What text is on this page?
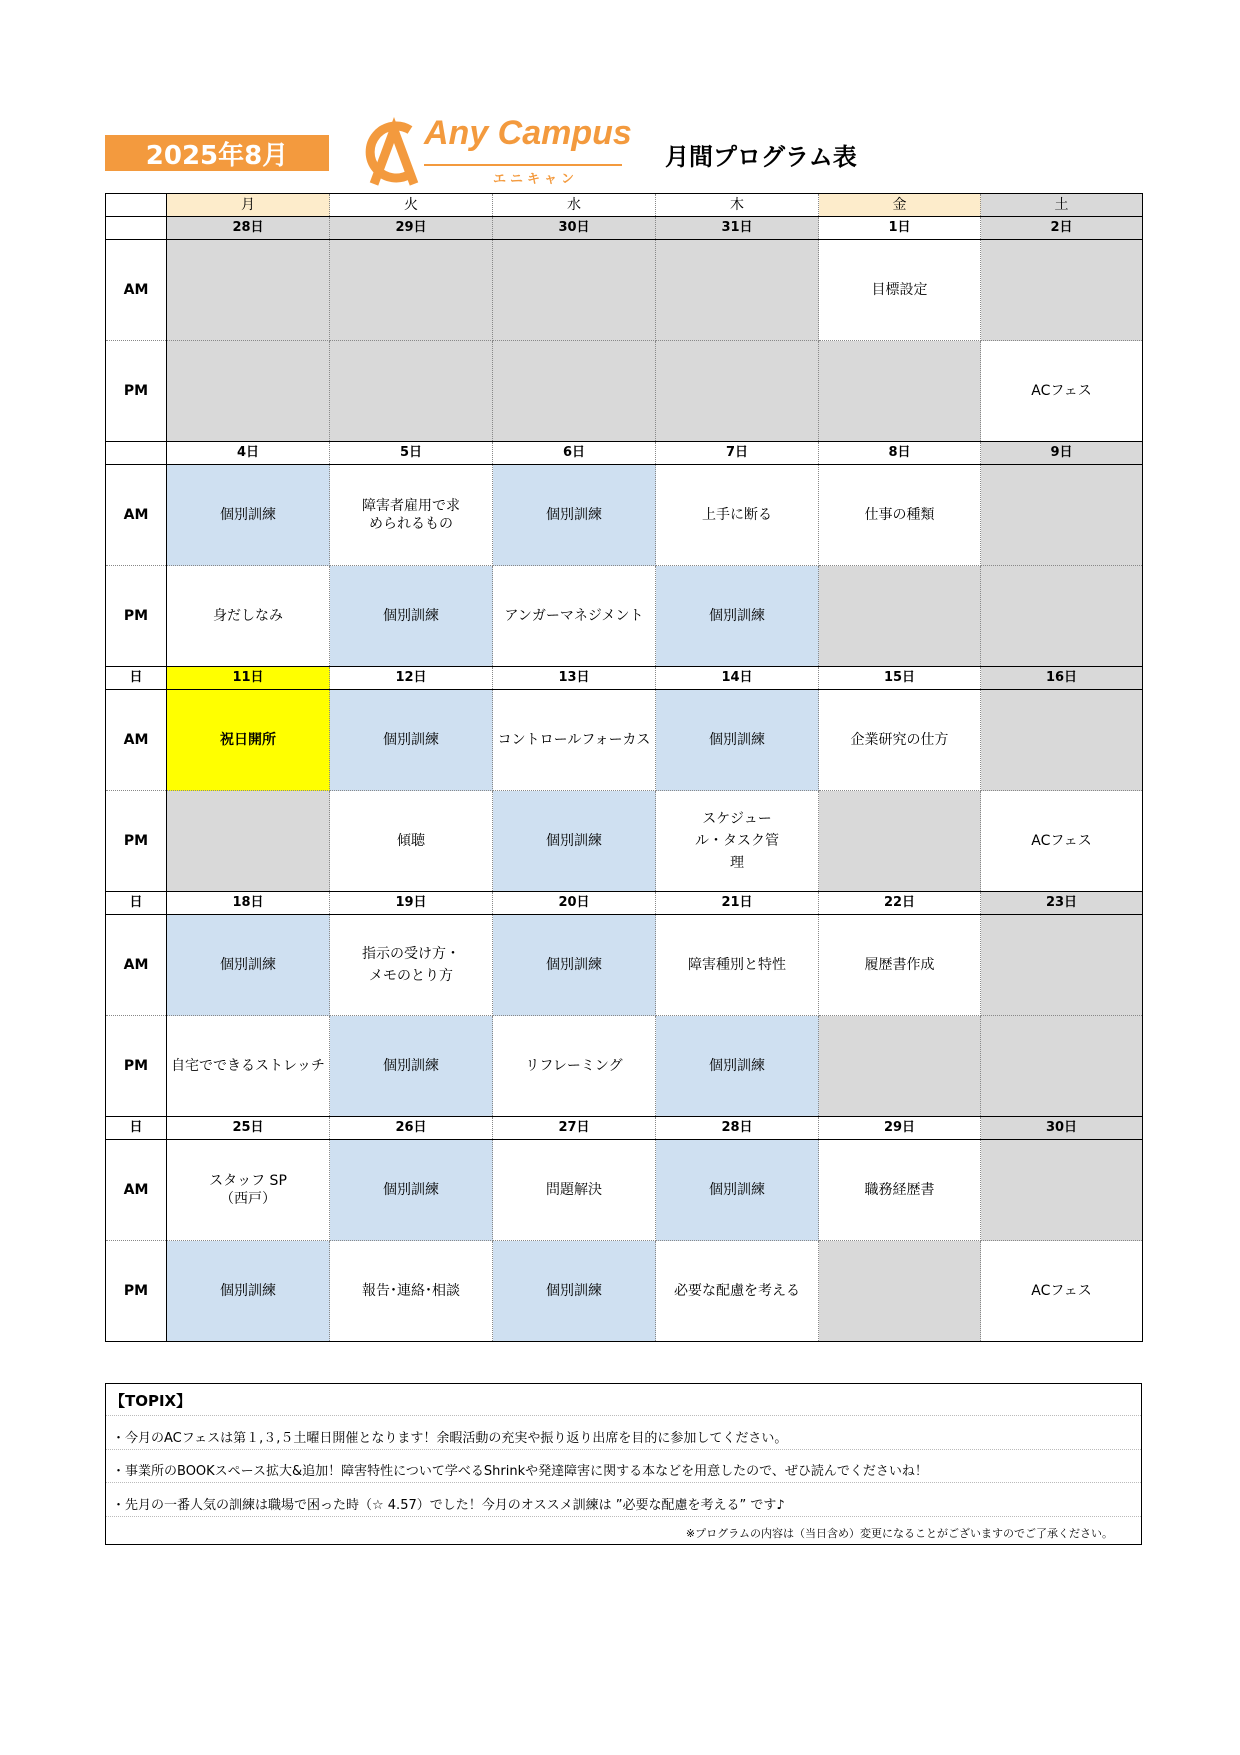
2025年8月
Any Campus
エニキャン
月間プログラム表
	月	火	水	木	金	土
	28日	29日	30日	31日	1日	2日
AM					目標設定	
PM						ACフェス
	4日	5日	6日	7日	8日	9日
AM	個別訓練	障害者雇用で求められるもの	個別訓練	上手に断る	仕事の種類	
PM	身だしなみ	個別訓練	アンガーマネジメント	個別訓練		
日	11日	12日	13日	14日	15日	16日
AM	祝日開所	個別訓練	コントロールフォーカス	個別訓練	企業研究の仕方	
PM		傾聴	個別訓練	スケジュール・タスク管理		ACフェス
日	18日	19日	20日	21日	22日	23日
AM	個別訓練	指示の受け方・メモのとり方	個別訓練	障害種別と特性	履歴書作成	
PM	自宅でできるストレッチ	個別訓練	リフレーミング	個別訓練		
日	25日	26日	27日	28日	29日	30日
AM	スタッフ SP（西戸）	個別訓練	問題解決	個別訓練	職務経歴書	
PM	個別訓練	報告･連絡･相談	個別訓練	必要な配慮を考える		ACフェス
【TOPIX】
・今月のACフェスは第１,３,５土曜日開催となります！余暇活動の充実や振り返り出席を目的に参加してください。
・事業所のBOOKスペース拡大&追加！障害特性について学べるShrinkや発達障害に関する本などを用意したので、ぜひ読んでくださいね！
・先月の一番人気の訓練は職場で困った時（☆ 4.57）でした！今月のオススメ訓練は ”必要な配慮を考える” です♪
※プログラムの内容は（当日含め）変更になることがございますのでご了承ください。
